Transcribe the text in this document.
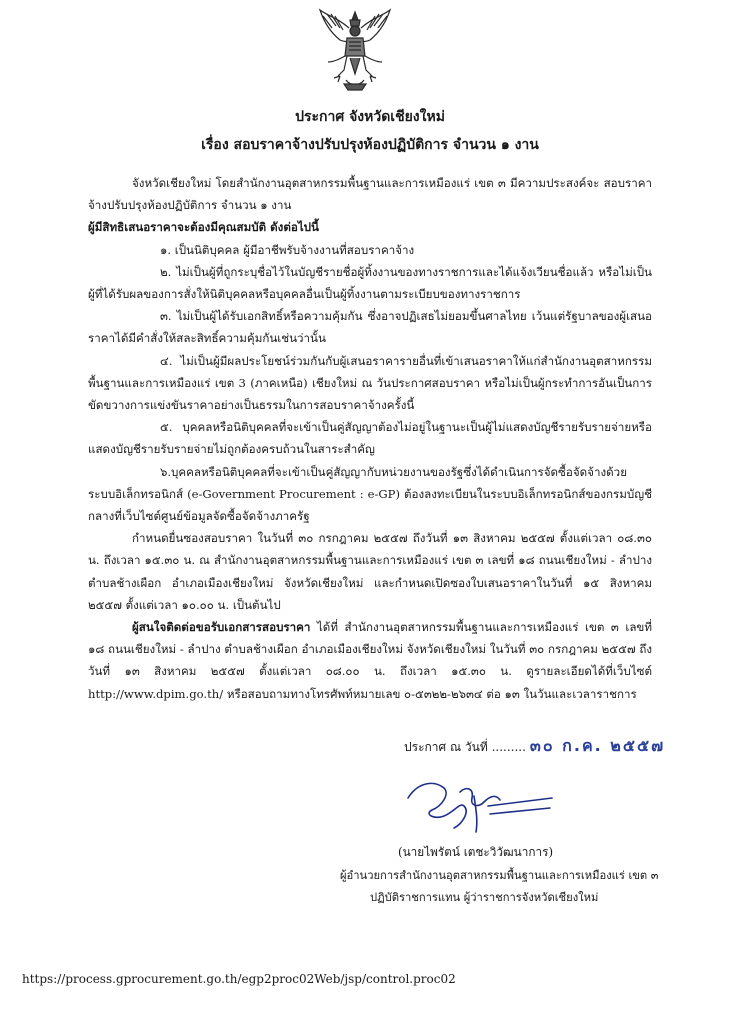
ประกาศ จังหวัดเชียงใหม่
เรื่อง สอบราคาจ้างปรับปรุงห้องปฏิบัติการ จำนวน ๑ งาน

จังหวัดเชียงใหม่ โดยสำนักงานอุตสาหกรรมพื้นฐานและการเหมืองแร่ เขต ๓ มีความประสงค์จะ สอบราคาจ้างปรับปรุงห้องปฏิบัติการ จำนวน ๑ งาน

ผู้มีสิทธิเสนอราคาจะต้องมีคุณสมบัติ ดังต่อไปนี้

๑. เป็นนิติบุคคล ผู้มีอาชีพรับจ้างงานที่สอบราคาจ้าง

๒. ไม่เป็นผู้ที่ถูกระบุชื่อไว้ในบัญชีรายชื่อผู้ทิ้งงานของทางราชการและได้แจ้งเวียนชื่อแล้ว หรือไม่เป็นผู้ที่ได้รับผลของการสั่งให้นิติบุคคลหรือบุคคลอื่นเป็นผู้ทิ้งงานตามระเบียบของทางราชการ

๓. ไม่เป็นผู้ได้รับเอกสิทธิ์หรือความคุ้มกัน ซึ่งอาจปฏิเสธไม่ยอมขึ้นศาลไทย เว้นแต่รัฐบาลของผู้เสนอราคาได้มีคำสั่งให้สละสิทธิ์ความคุ้มกันเช่นว่านั้น

๔. ไม่เป็นผู้มีผลประโยชน์ร่วมกันกับผู้เสนอราคารายอื่นที่เข้าเสนอราคาให้แก่สำนักงานอุตสาหกรรมพื้นฐานและการเหมืองแร่ เขต 3 (ภาคเหนือ) เชียงใหม่ ณ วันประกาศสอบราคา หรือไม่เป็นผู้กระทำการอันเป็นการขัดขวางการแข่งขันราคาอย่างเป็นธรรมในการสอบราคาจ้างครั้งนี้

๕. บุคคลหรือนิติบุคคลที่จะเข้าเป็นคู่สัญญาต้องไม่อยู่ในฐานะเป็นผู้ไม่แสดงบัญชีรายรับรายจ่ายหรือแสดงบัญชีรายรับรายจ่ายไม่ถูกต้องครบถ้วนในสาระสำคัญ

๖.บุคคลหรือนิติบุคคลที่จะเข้าเป็นคู่สัญญากับหน่วยงานของรัฐซึ่งได้ดำเนินการจัดซื้อจัดจ้างด้วยระบบอิเล็กทรอนิกส์ (e-Government Procurement : e-GP) ต้องลงทะเบียนในระบบอิเล็กทรอนิกส์ของกรมบัญชีกลางที่เว็บไซต์ศูนย์ข้อมูลจัดซื้อจัดจ้างภาครัฐ

กำหนดยื่นซองสอบราคา ในวันที่ ๓๐ กรกฎาคม ๒๕๕๗ ถึงวันที่ ๑๓ สิงหาคม ๒๕๕๗ ตั้งแต่เวลา ๐๘.๓๐ น. ถึงเวลา ๑๕.๓๐ น. ณ สำนักงานอุตสาหกรรมพื้นฐานและการเหมืองแร่ เขต ๓ เลขที่ ๑๘ ถนนเชียงใหม่ - ลำปาง ตำบลช้างเผือก อำเภอเมืองเชียงใหม่ จังหวัดเชียงใหม่ และกำหนดเปิดซองใบเสนอราคาในวันที่ ๑๕ สิงหาคม ๒๕๕๗ ตั้งแต่เวลา ๑๐.๐๐ น. เป็นต้นไป

ผู้สนใจติดต่อขอรับเอกสารสอบราคา ได้ที่ สำนักงานอุตสาหกรรมพื้นฐานและการเหมืองแร่ เขต ๓ เลขที่ ๑๘ ถนนเชียงใหม่ - ลำปาง ตำบลช้างเผือก อำเภอเมืองเชียงใหม่ จังหวัดเชียงใหม่ ในวันที่ ๓๐ กรกฎาคม ๒๕๕๗ ถึงวันที่ ๑๓ สิงหาคม ๒๕๕๗ ตั้งแต่เวลา ๐๘.๐๐ น. ถึงเวลา ๑๕.๓๐ น. ดูรายละเอียดได้ที่เว็บไซต์ http://www.dpim.go.th/ หรือสอบถามทางโทรศัพท์หมายเลข ๐-๕๓๒๒-๒๖๓๔ ต่อ ๑๓ ในวันและเวลาราชการ

ประกาศ ณ วันที่ ......... ๓๐ ก.ค. ๒๕๕๗
(นายไพรัตน์ เตชะวิวัฒนาการ)
ผู้อำนวยการสำนักงานอุตสาหกรรมพื้นฐานและการเหมืองแร่ เขต ๓
ปฏิบัติราชการแทน ผู้ว่าราชการจังหวัดเชียงใหม่
https://process.gprocurement.go.th/egp2proc02Web/jsp/control.proc02
